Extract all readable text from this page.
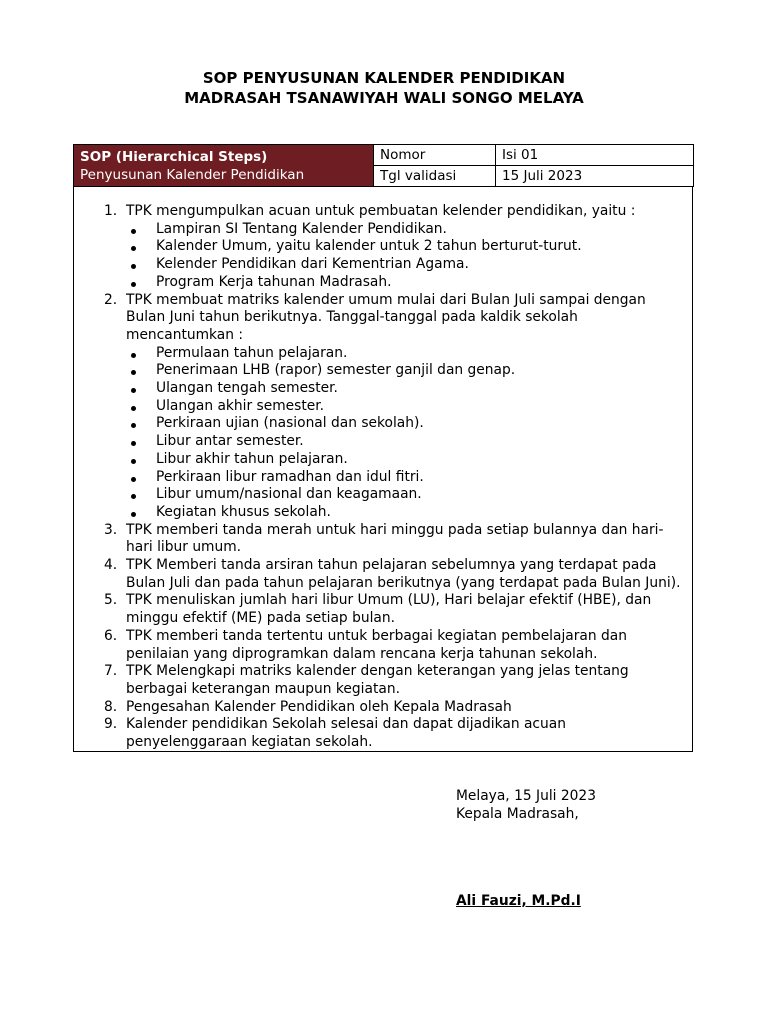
SOP PENYUSUNAN KALENDER PENDIDIKAN
MADRASAH TSANAWIYAH WALI SONGO MELAYA
SOP (Hierarchical Steps)
Penyusunan Kalender Pendidikan	Nomor	Isi 01
	Tgl validasi	15 Juli 2023
1. TPK mengumpulkan acuan untuk pembuatan kelender pendidikan, yaitu :
Lampiran SI Tentang Kalender Pendidikan.
Kalender Umum, yaitu kalender untuk 2 tahun berturut-turut.
Kelender Pendidikan dari Kementrian Agama.
Program Kerja tahunan Madrasah.
2. TPK membuat matriks kalender umum mulai dari Bulan Juli sampai dengan Bulan Juni tahun berikutnya. Tanggal-tanggal pada kaldik sekolah mencantumkan :
Permulaan tahun pelajaran.
Penerimaan LHB (rapor) semester ganjil dan genap.
Ulangan tengah semester.
Ulangan akhir semester.
Perkiraan ujian (nasional dan sekolah).
Libur antar semester.
Libur akhir tahun pelajaran.
Perkiraan libur ramadhan dan idul fitri.
Libur umum/nasional dan keagamaan.
Kegiatan khusus sekolah.
3. TPK memberi tanda merah untuk hari minggu pada setiap bulannya dan hari-hari libur umum.
4. TPK Memberi tanda arsiran tahun pelajaran sebelumnya yang terdapat pada Bulan Juli dan pada tahun pelajaran berikutnya (yang terdapat pada Bulan Juni).
5. TPK menuliskan jumlah hari libur Umum (LU), Hari belajar efektif (HBE), dan minggu efektif (ME) pada setiap bulan.
6. TPK memberi tanda tertentu untuk berbagai kegiatan pembelajaran dan penilaian yang diprogramkan dalam rencana kerja tahunan sekolah.
7. TPK Melengkapi matriks kalender dengan keterangan yang jelas tentang berbagai keterangan maupun kegiatan.
8. Pengesahan Kalender Pendidikan oleh Kepala Madrasah
9. Kalender pendidikan Sekolah selesai dan dapat dijadikan acuan penyelenggaraan kegiatan sekolah.
Melaya, 15 Juli 2023
Kepala Madrasah,
Ali Fauzi, M.Pd.I
